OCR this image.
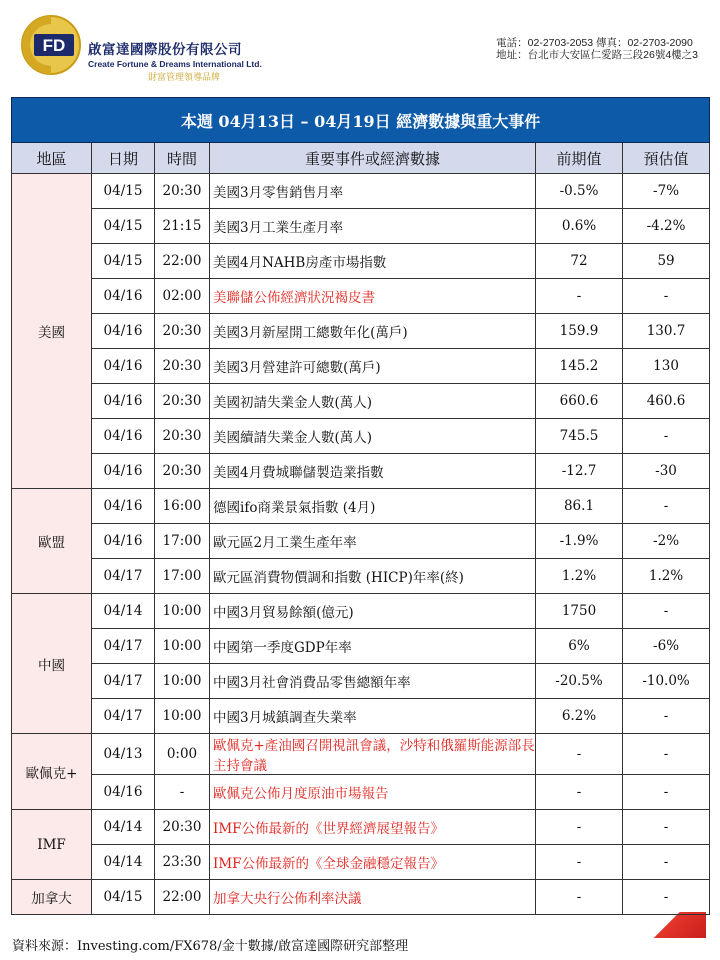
FD 啟富達國際股份有限公司
Create Fortune & Dreams International Ltd.
財富管理領導品牌
電話：02-2703-2053 傳真：02-2703-2090
地址：台北市大安區仁愛路三段26號4樓之3
本週 04月13日 – 04月19日 經濟數據與重大事件					
地區	日期	時間	重要事件或經濟數據	前期值	預估值
美國	04/15	20:30	美國3月零售銷售月率	-0.5%	-7%
	04/15	21:15	美國3月工業生產月率	0.6%	-4.2%
	04/15	22:00	美國4月NAHB房產市場指數	72	59
	04/16	02:00	美聯儲公佈經濟狀況褐皮書	-	-
	04/16	20:30	美國3月新屋開工總數年化(萬戶)	159.9	130.7
	04/16	20:30	美國3月營建許可總數(萬戶)	145.2	130
	04/16	20:30	美國初請失業金人數(萬人)	660.6	460.6
	04/16	20:30	美國續請失業金人數(萬人)	745.5	-
	04/16	20:30	美國4月費城聯儲製造業指數	-12.7	-30
歐盟	04/16	16:00	德國ifo商業景氣指數 (4月)	86.1	-
	04/16	17:00	歐元區2月工業生產年率	-1.9%	-2%
	04/17	17:00	歐元區消費物價調和指數 (HICP)年率(終)	1.2%	1.2%
中國	04/14	10:00	中國3月貿易餘額(億元)	1750	-
	04/17	10:00	中國第一季度GDP年率	6%	-6%
	04/17	10:00	中國3月社會消費品零售總額年率	-20.5%	-10.0%
	04/17	10:00	中國3月城鎮調查失業率	6.2%	-
歐佩克+	04/13	0:00	歐佩克+產油國召開視訊會議，沙特和俄羅斯能源部長主持會議	-	-
	04/16	-	歐佩克公佈月度原油市場報告	-	-
IMF	04/14	20:30	IMF公佈最新的《世界經濟展望報告》	-	-
	04/14	23:30	IMF公佈最新的《全球金融穩定報告》	-	-
加拿大	04/15	22:00	加拿大央行公佈利率決議	-	-
資料來源：Investing.com/FX678/金十數據/啟富達國際研究部整理
